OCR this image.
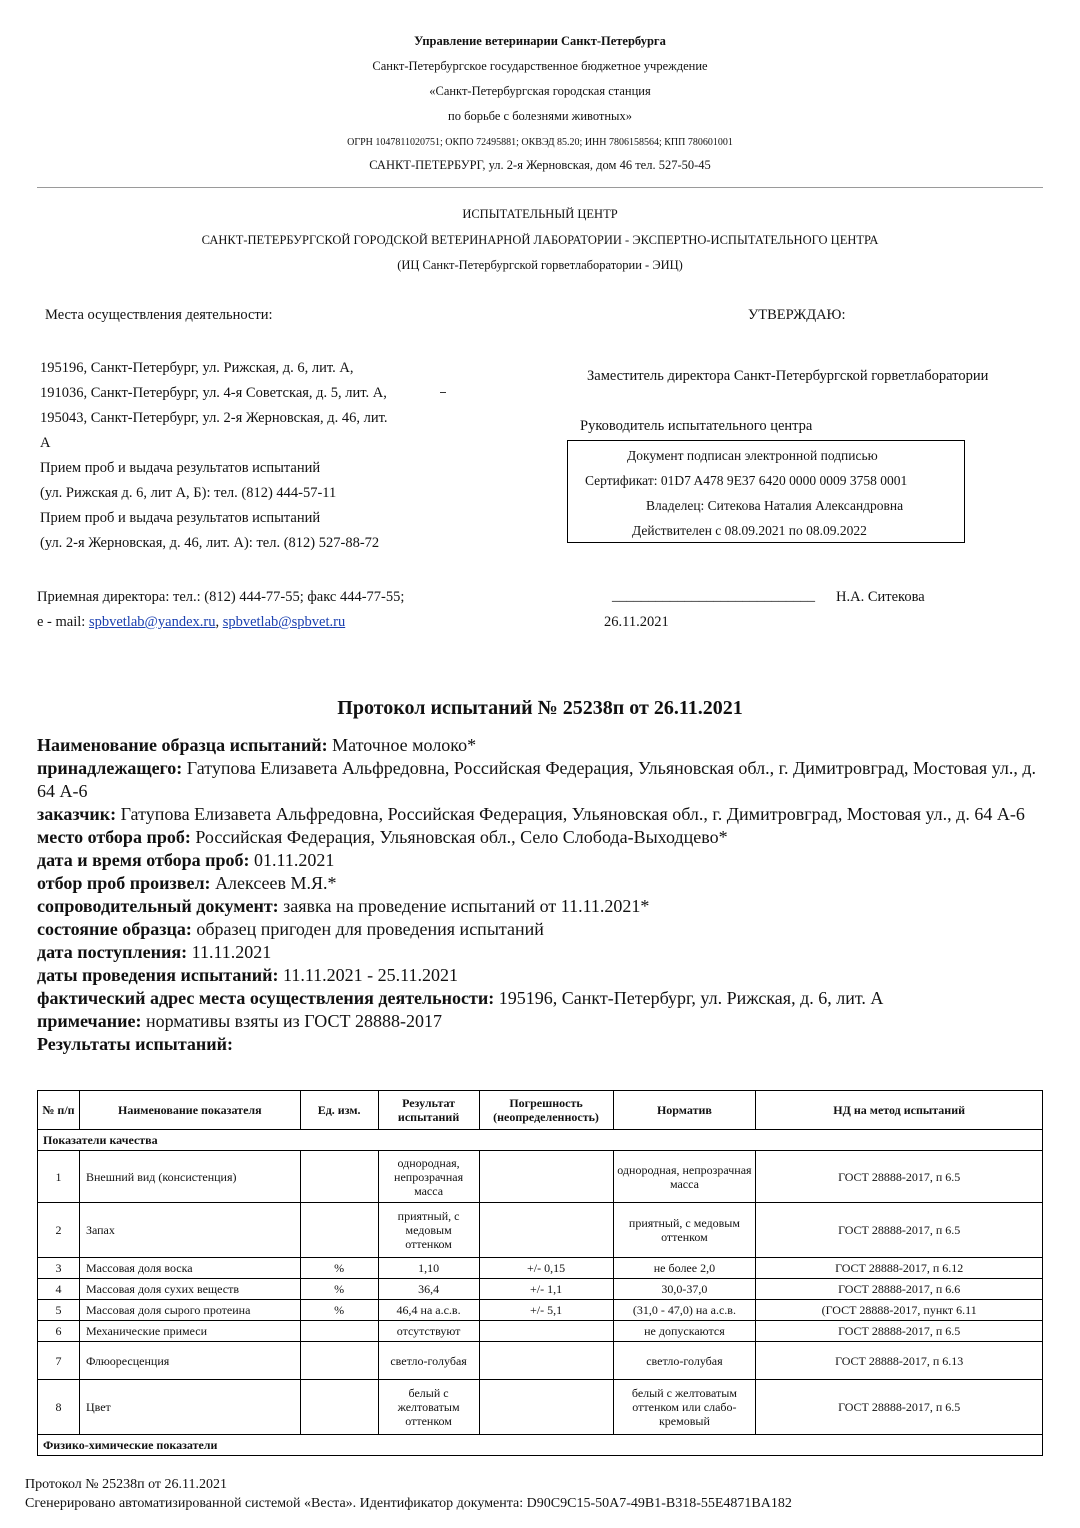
Управление ветеринарии Санкт-Петербурга
Санкт-Петербургское государственное бюджетное учреждение
«Санкт-Петербургская городская станция
по борьбе с болезнями животных»
ОГРН 1047811020751; ОКПО 72495881; ОКВЭД 85.20; ИНН 7806158564; КПП 780601001
САНКТ-ПЕТЕРБУРГ, ул. 2-я Жерновская, дом 46 тел. 527-50-45
ИСПЫТАТЕЛЬНЫЙ ЦЕНТР
САНКТ-ПЕТЕРБУРГСКОЙ ГОРОДСКОЙ ВЕТЕРИНАРНОЙ ЛАБОРАТОРИИ - ЭКСПЕРТНО-ИСПЫТАТЕЛЬНОГО ЦЕНТРА
(ИЦ Санкт-Петербургской горветлаборатории - ЭИЦ)
Места осуществления деятельности:
195196, Санкт-Петербург, ул. Рижская, д. 6, лит. А,
191036, Санкт-Петербург, ул. 4-я Советская, д. 5, лит. А,
195043, Санкт-Петербург, ул. 2-я Жерновская, д. 46, лит.
А
Прием проб и выдача результатов испытаний
(ул. Рижская д. 6, лит А, Б): тел. (812) 444-57-11
Прием проб и выдача результатов испытаний
(ул. 2-я Жерновская, д. 46, лит. А): тел. (812) 527-88-72
Приемная директора: тел.: (812) 444-77-55; факс 444-77-55;
e - mail: spbvetlab@yandex.ru, spbvetlab@spbvet.ru
УТВЕРЖДАЮ:
Заместитель директора Санкт-Петербургской горветлаборатории
Руководитель испытательного центра
Документ подписан электронной подписью
Сертификат: 01D7 A478 9E37 6420 0000 0009 3758 0001
Владелец: Ситекова Наталия Александровна
Действителен с 08.09.2021 по 08.09.2022
____________________________ Н.А. Ситекова
26.11.2021
Протокол испытаний № 25238п от 26.11.2021
Наименование образца испытаний: Маточное молоко*
принадлежащего: Гатупова Елизавета Альфредовна, Российская Федерация, Ульяновская обл., г. Димитровград, Мостовая ул., д. 64 А-6
заказчик: Гатупова Елизавета Альфредовна, Российская Федерация, Ульяновская обл., г. Димитровград, Мостовая ул., д. 64 А-6
место отбора проб: Российская Федерация, Ульяновская обл., Село Слобода-Выходцево*
дата и время отбора проб: 01.11.2021
отбор проб произвел: Алексеев М.Я.*
сопроводительный документ: заявка на проведение испытаний от 11.11.2021*
состояние образца: образец пригоден для проведения испытаний
дата поступления: 11.11.2021
даты проведения испытаний: 11.11.2021 - 25.11.2021
фактический адрес места осуществления деятельности: 195196, Санкт-Петербург, ул. Рижская, д. 6, лит. А
примечание: нормативы взяты из ГОСТ 28888-2017
Результаты испытаний:
№ п/п	Наименование показателя	Ед. изм.	Результат испытаний	Погрешность (неопределенность)	Норматив	НД на метод испытаний
Показатели качества						
1	Внешний вид (консистенция)		однородная, непрозрачная масса		однородная, непрозрачная масса	ГОСТ 28888-2017, п 6.5
2	Запах		приятный, с медовым оттенком		приятный, с медовым оттенком	ГОСТ 28888-2017, п 6.5
3	Массовая доля воска	%	1,10	+/- 0,15	не более 2,0	ГОСТ 28888-2017, п 6.12
4	Массовая доля сухих веществ	%	36,4	+/- 1,1	30,0-37,0	ГОСТ 28888-2017, п 6.6
5	Массовая доля сырого протеина	%	46,4 на а.с.в.	+/- 5,1	(31,0 - 47,0) на а.с.в.	(ГОСТ 28888-2017, пункт 6.11
6	Механические примеси		отсутствуют		не допускаются	ГОСТ 28888-2017, п 6.5
7	Флюоресценция		светло-голубая		светло-голубая	ГОСТ 28888-2017, п 6.13
8	Цвет		белый с желтоватым оттенком		белый с желтоватым оттенком или слабо-кремовый	ГОСТ 28888-2017, п 6.5
Физико-химические показатели						
Протокол № 25238п от 26.11.2021
Сгенерировано автоматизированной системой «Веста». Идентификатор документа: D90C9C15-50A7-49B1-B318-55E4871BA182
